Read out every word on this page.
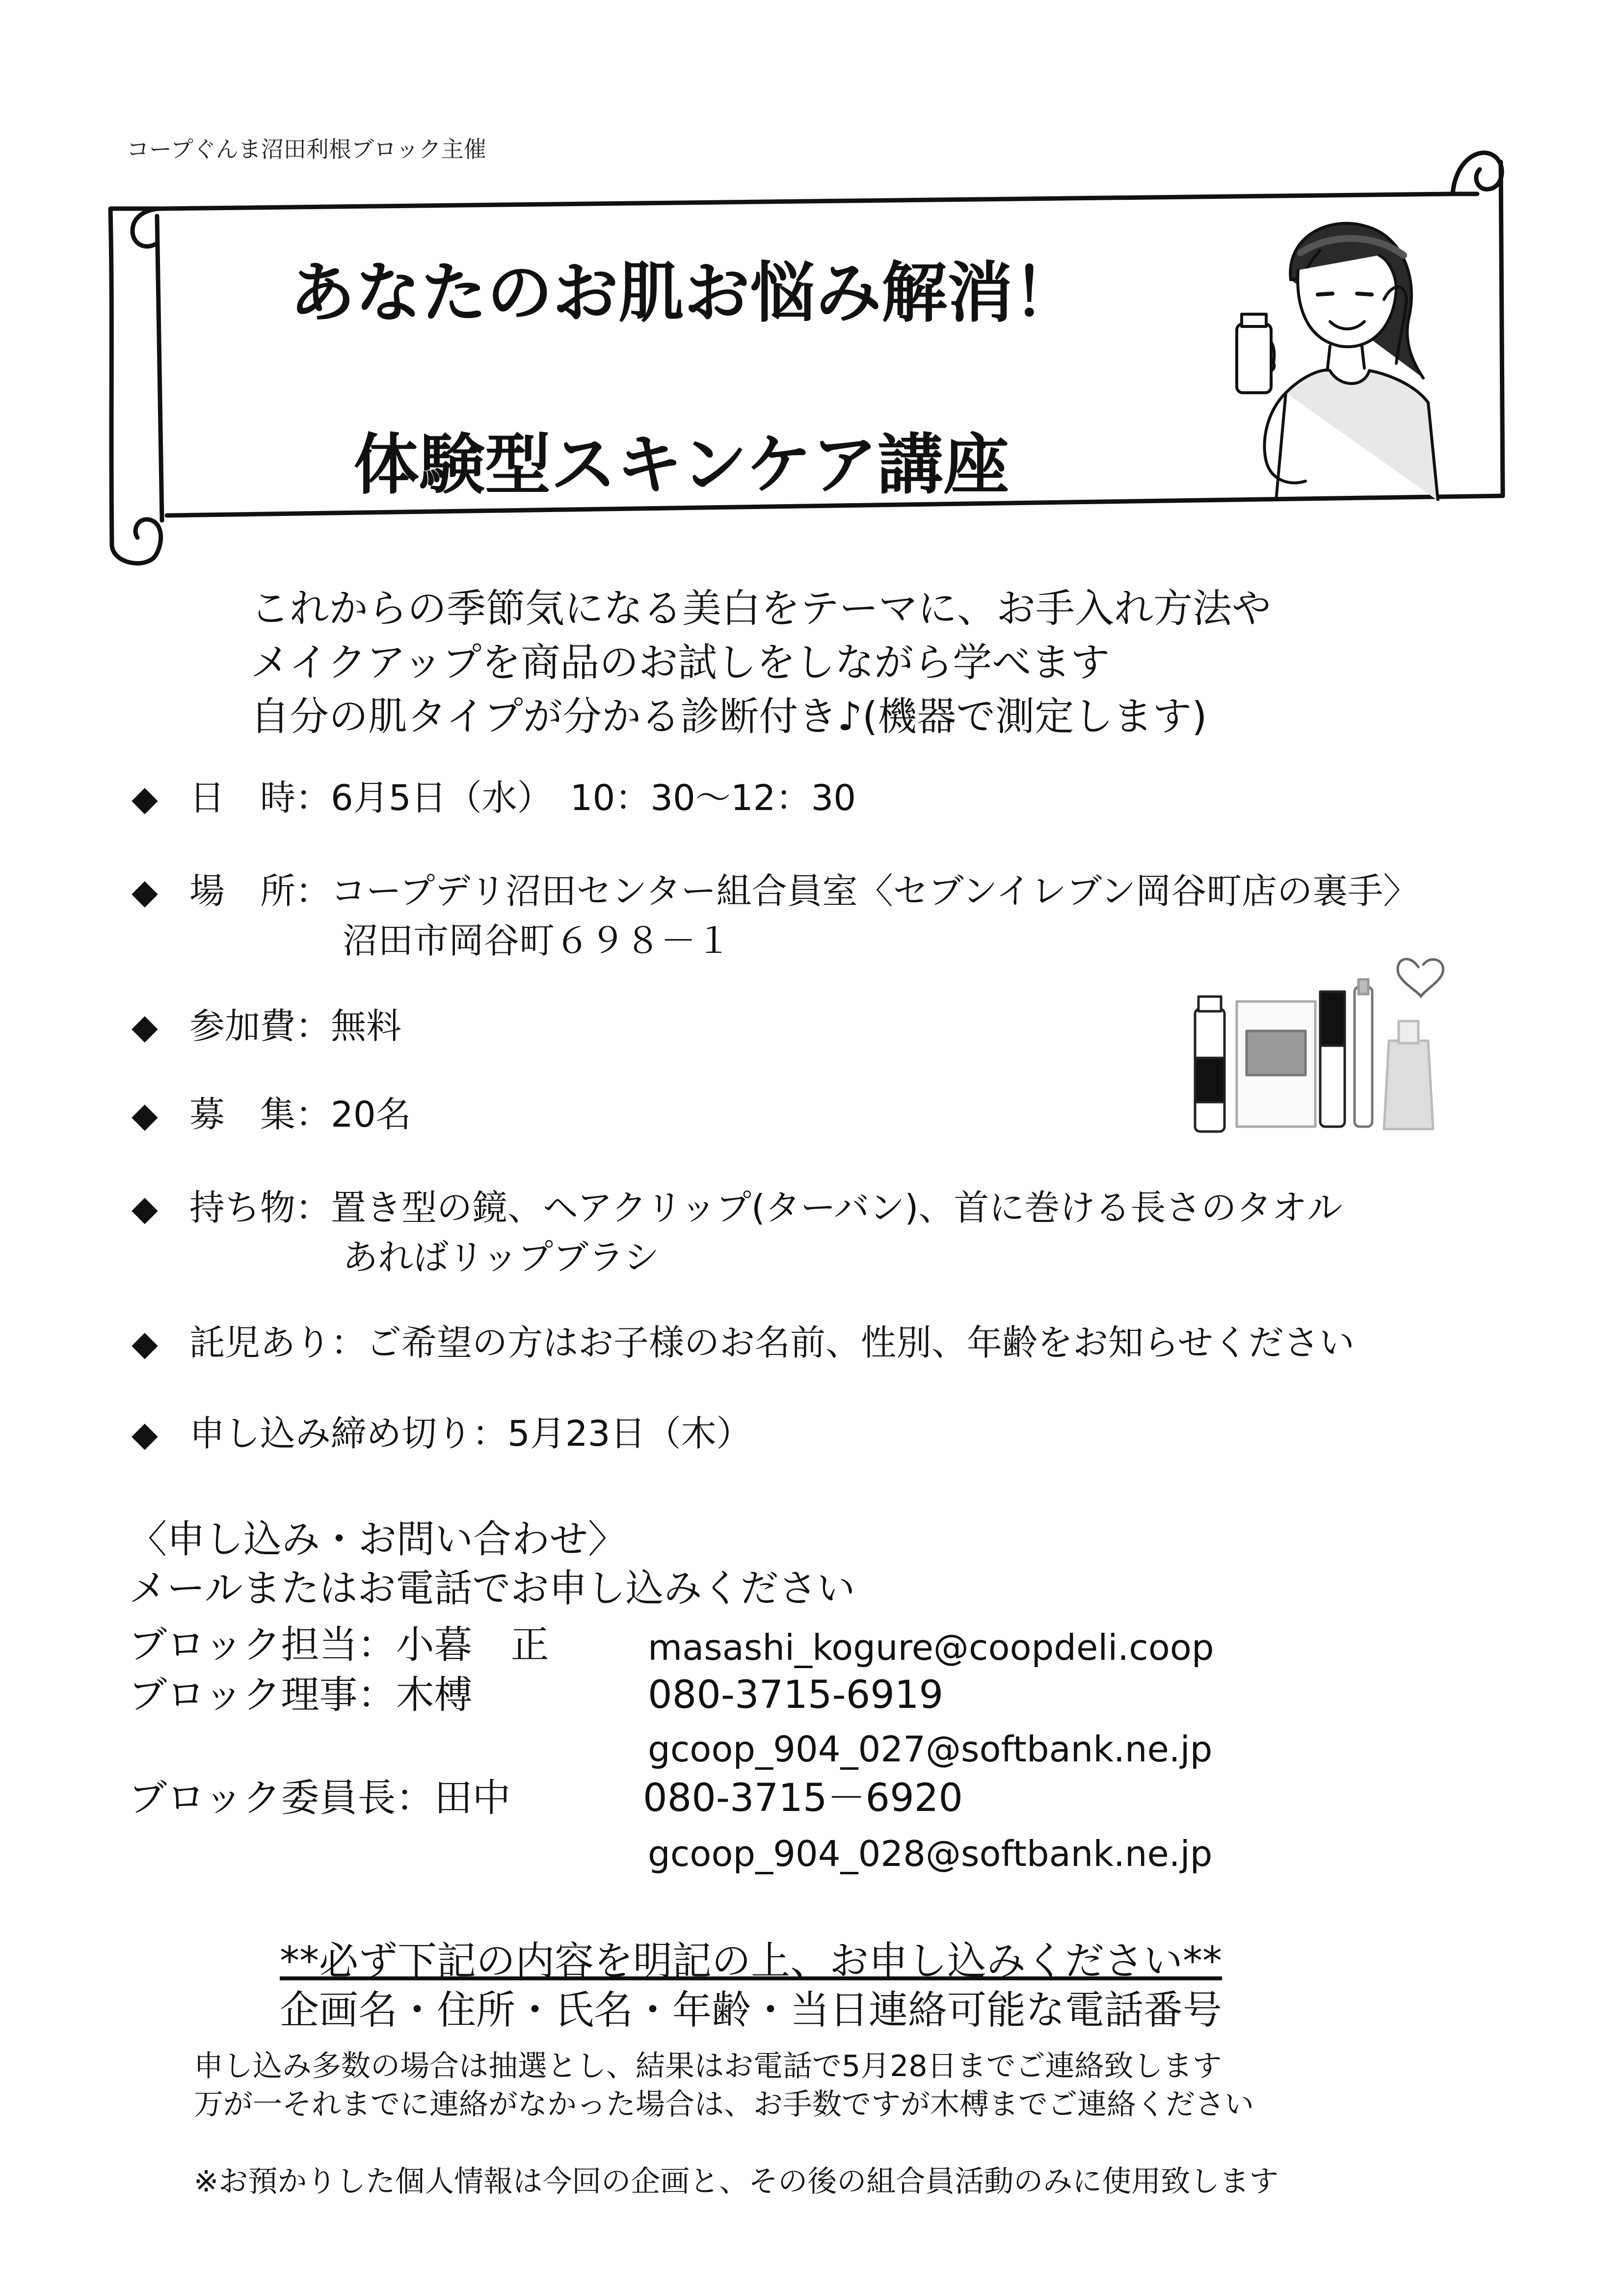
コープぐんま沼田利根ブロック主催
あなたのお肌お悩み解消！
体験型スキンケア講座
これからの季節気になる美白をテーマに、お手入れ方法や
メイクアップを商品のお試しをしながら学べます
自分の肌タイプが分かる診断付き♪(機器で測定します)
◆ 日　時：6月5日（水）　10：30～12：30
◆ 場　所：コープデリ沼田センター組合員室〈セブンイレブン岡谷町店の裏手〉
沼田市岡谷町６９８－１
◆ 参加費：無料
◆ 募　集：20名
◆ 持ち物：置き型の鏡、ヘアクリップ(ターバン)、首に巻ける長さのタオル
あればリップブラシ
◆ 託児あり：ご希望の方はお子様のお名前、性別、年齢をお知らせください
◆ 申し込み締め切り：5月23日（木）
〈申し込み・お問い合わせ〉
メールまたはお電話でお申し込みください
ブロック担当：小暮　正	masashi_kogure@coopdeli.coop
ブロック理事：木榑	080-3715-6919
gcoop_904_027@softbank.ne.jp
ブロック委員長：田中	080-3715－6920
gcoop_904_028@softbank.ne.jp
**必ず下記の内容を明記の上、お申し込みください**
企画名・住所・氏名・年齢・当日連絡可能な電話番号
申し込み多数の場合は抽選とし、結果はお電話で5月28日までご連絡致します
万が一それまでに連絡がなかった場合は、お手数ですが木榑までご連絡ください
※お預かりした個人情報は今回の企画と、その後の組合員活動のみに使用致します
